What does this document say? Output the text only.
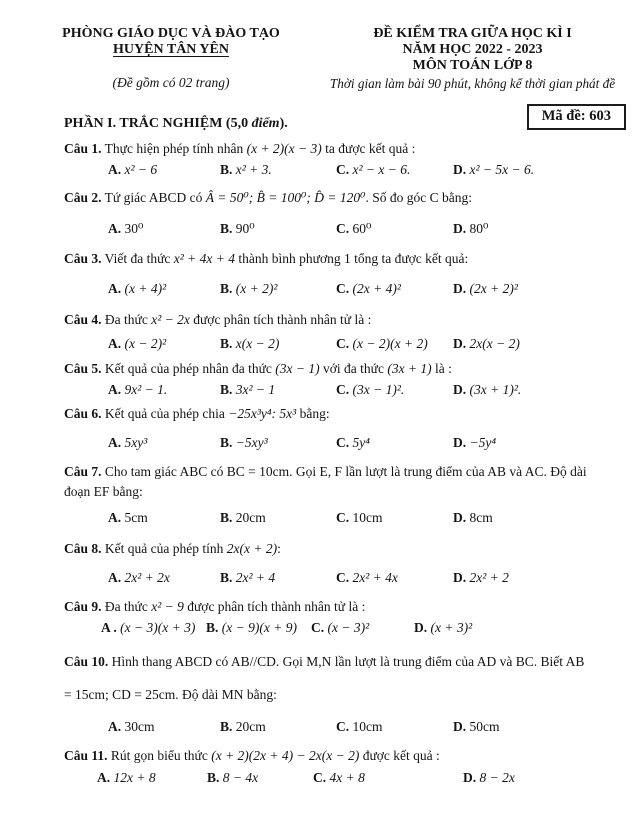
PHÒNG GIÁO DỤC VÀ ĐÀO TẠO
HUYỆN TÂN YÊN
(Đề gồm có 02 trang)
ĐỀ KIỂM TRA GIỮA HỌC KÌ I
NĂM HỌC 2022 - 2023
MÔN TOÁN LỚP 8
Thời gian làm bài 90 phút, không kể thời gian phát đề
Mã đề: 603
PHẦN I. TRẮC NGHIỆM (5,0 điểm).

Câu 1. Thực hiện phép tính nhân (x + 2)(x − 3) ta được kết quả :

A. x² − 6	B. x² + 3.	C. x² − x − 6.	D. x² − 5x − 6.

Câu 2. Tứ giác ABCD có Â = 50⁰; B̂ = 100⁰; D̂ = 120⁰. Số đo góc C bằng:

A. 30⁰	B. 90⁰	C. 60⁰	D. 80⁰

Câu 3. Viết đa thức x² + 4x + 4 thành bình phương 1 tổng ta được kết quả:

A. (x + 4)²	B. (x + 2)²	C. (2x + 4)²	D. (2x + 2)²

Câu 4. Đa thức x² − 2x được phân tích thành nhân tử là :

A. (x − 2)²	B. x(x − 2)	C. (x − 2)(x + 2)	D. 2x(x − 2)

Câu 5. Kết quả của phép nhân đa thức (3x − 1) với đa thức (3x + 1) là :

A. 9x² − 1.	B. 3x² − 1	C. (3x − 1)².	D. (3x + 1)².

Câu 6. Kết quả của phép chia −25x³y⁴: 5x³ bằng:

A. 5xy³	B. −5xy³	C. 5y⁴	D. −5y⁴

Câu 7. Cho tam giác ABC có BC = 10cm. Gọi E, F lần lượt là trung điểm của AB và AC. Độ dài đoạn EF bằng:

A. 5cm	B. 20cm	C. 10cm	D. 8cm

Câu 8. Kết quả của phép tính 2x(x + 2):

A. 2x² + 2x	B. 2x² + 4	C. 2x² + 4x	D. 2x² + 2

Câu 9. Đa thức x² − 9 được phân tích thành nhân tử là :

A . (x − 3)(x + 3) B. (x − 9)(x + 9)	C. (x − 3)²	D. (x + 3)²

Câu 10. Hình thang ABCD có AB//CD. Gọi M,N lần lượt là trung điểm của AD và BC. Biết AB = 15cm; CD = 25cm. Độ dài MN bằng:

A. 30cm	B. 20cm	C. 10cm	D. 50cm

Câu 11. Rút gọn biểu thức (x + 2)(2x + 4) − 2x(x − 2) được kết quả :

A. 12x + 8	B. 8 − 4x	C. 4x + 8	D. 8 − 2x
